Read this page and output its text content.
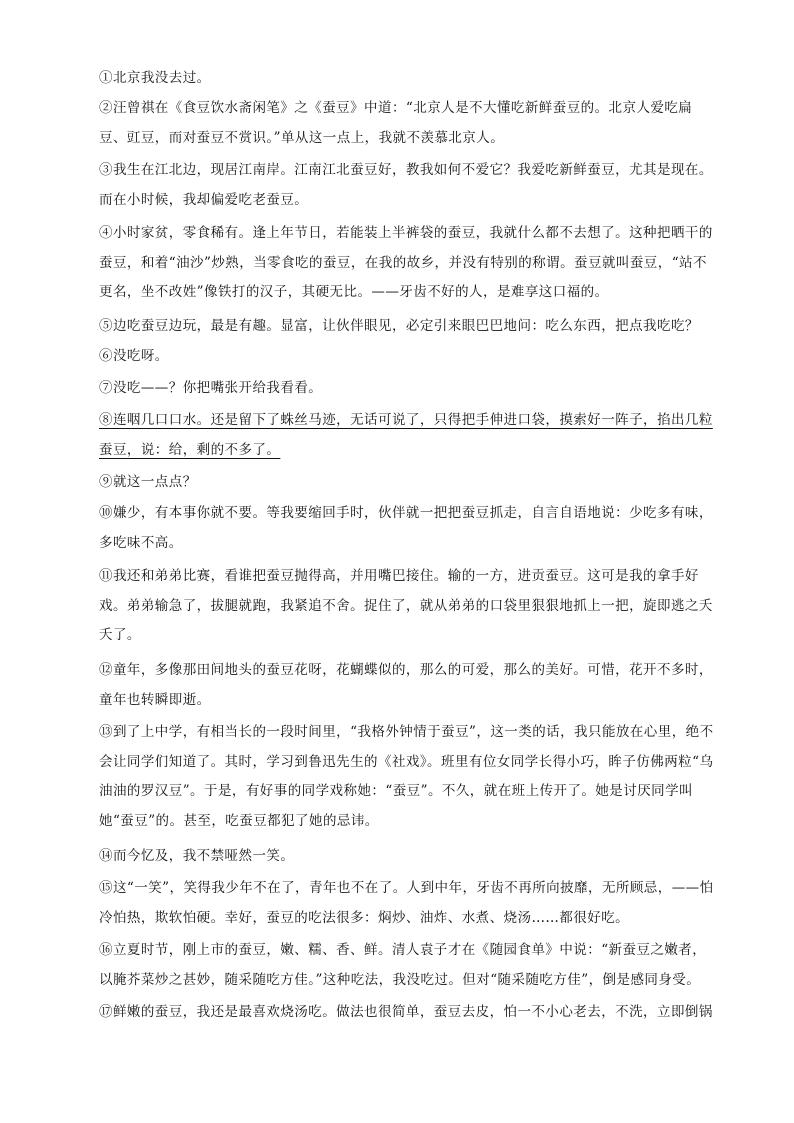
①北京我没去过。

②汪曾祺在《食豆饮水斋闲笔》之《蚕豆》中道：“北京人是不大懂吃新鲜蚕豆的。北京人爱吃扁豆、豇豆，而对蚕豆不赏识。”单从这一点上，我就不羡慕北京人。

③我生在江北边，现居江南岸。江南江北蚕豆好，教我如何不爱它？我爱吃新鲜蚕豆，尤其是现在。而在小时候，我却偏爱吃老蚕豆。

④小时家贫，零食稀有。逢上年节日，若能装上半裤袋的蚕豆，我就什么都不去想了。这种把晒干的蚕豆，和着“油沙”炒熟，当零食吃的蚕豆，在我的故乡，并没有特别的称谓。蚕豆就叫蚕豆，“站不更名，坐不改姓”像铁打的汉子，其硬无比。——牙齿不好的人，是难享这口福的。

⑤边吃蚕豆边玩，最是有趣。显富，让伙伴眼见，必定引来眼巴巴地问：吃么东西，把点我吃吃？

⑥没吃呀。

⑦没吃——？你把嘴张开给我看看。

⑧连咽几口口水。还是留下了蛛丝马迹，无话可说了，只得把手伸进口袋，摸索好一阵子，掐出几粒蚕豆，说：给，剩的不多了。

⑨就这一点点？

⑩嫌少，有本事你就不要。等我要缩回手时，伙伴就一把把蚕豆抓走，自言自语地说：少吃多有味，多吃味不高。

⑪我还和弟弟比赛，看谁把蚕豆抛得高，并用嘴巴接住。输的一方，进贡蚕豆。这可是我的拿手好戏。弟弟输急了，拔腿就跑，我紧追不舍。捉住了，就从弟弟的口袋里狠狠地抓上一把，旋即逃之夭夭了。

⑫童年，多像那田间地头的蚕豆花呀，花蝴蝶似的，那么的可爱，那么的美好。可惜，花开不多时，童年也转瞬即逝。

⑬到了上中学，有相当长的一段时间里，“我格外钟情于蚕豆”，这一类的话，我只能放在心里，绝不会让同学们知道了。其时，学习到鲁迅先生的《社戏》。班里有位女同学长得小巧，眸子仿佛两粒“乌油油的罗汉豆”。于是，有好事的同学戏称她：“蚕豆”。不久，就在班上传开了。她是讨厌同学叫她“蚕豆”的。甚至，吃蚕豆都犯了她的忌讳。

⑭而今忆及，我不禁哑然一笑。

⑮这“一笑”，笑得我少年不在了，青年也不在了。人到中年，牙齿不再所向披靡，无所顾忌，——怕冷怕热，欺软怕硬。幸好，蚕豆的吃法很多：焖炒、油炸、水煮、烧汤……都很好吃。

⑯立夏时节，刚上市的蚕豆，嫩、糯、香、鲜。清人袁子才在《随园食单》中说：“新蚕豆之嫩者，以腌芥菜炒之甚妙，随采随吃方佳。”这种吃法，我没吃过。但对“随采随吃方佳”，倒是感同身受。

⑰鲜嫩的蚕豆，我还是最喜欢烧汤吃。做法也很简单，蚕豆去皮，怕一不小心老去，不洗，立即倒锅
